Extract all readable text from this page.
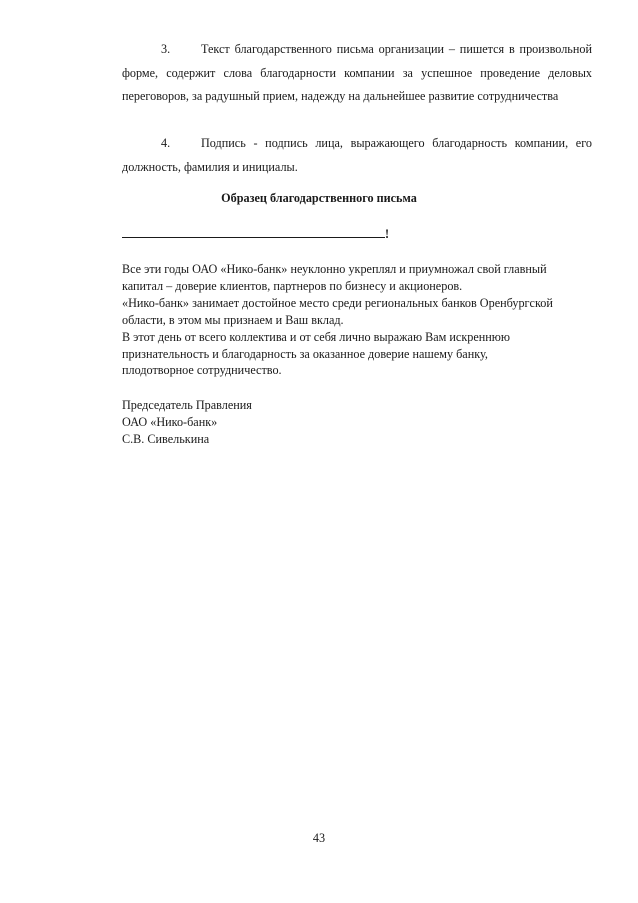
3.	Текст благодарственного письма организации – пишется в произвольной форме, содержит слова благодарности компании за успешное проведение деловых переговоров, за радушный прием, надежду на дальнейшее развитие сотрудничества

4.	Подпись - подпись лица, выражающего благодарность компании, его должность, фамилия и инициалы.

Образец благодарственного письма

!

Все эти годы ОАО «Нико-банк» неуклонно укреплял и приумножал свой главный

капитал – доверие клиентов, партнеров по бизнесу и акционеров.

«Нико-банк» занимает достойное место среди региональных банков Оренбургской

области, в этом мы признаем и Ваш вклад.

В этот день от всего коллектива и от себя лично выражаю Вам искреннюю

признательность и благодарность за оказанное доверие нашему банку,

плодотворное сотрудничество.

Председатель Правления

ОАО «Нико-банк»

С.В. Сивелькина

43
